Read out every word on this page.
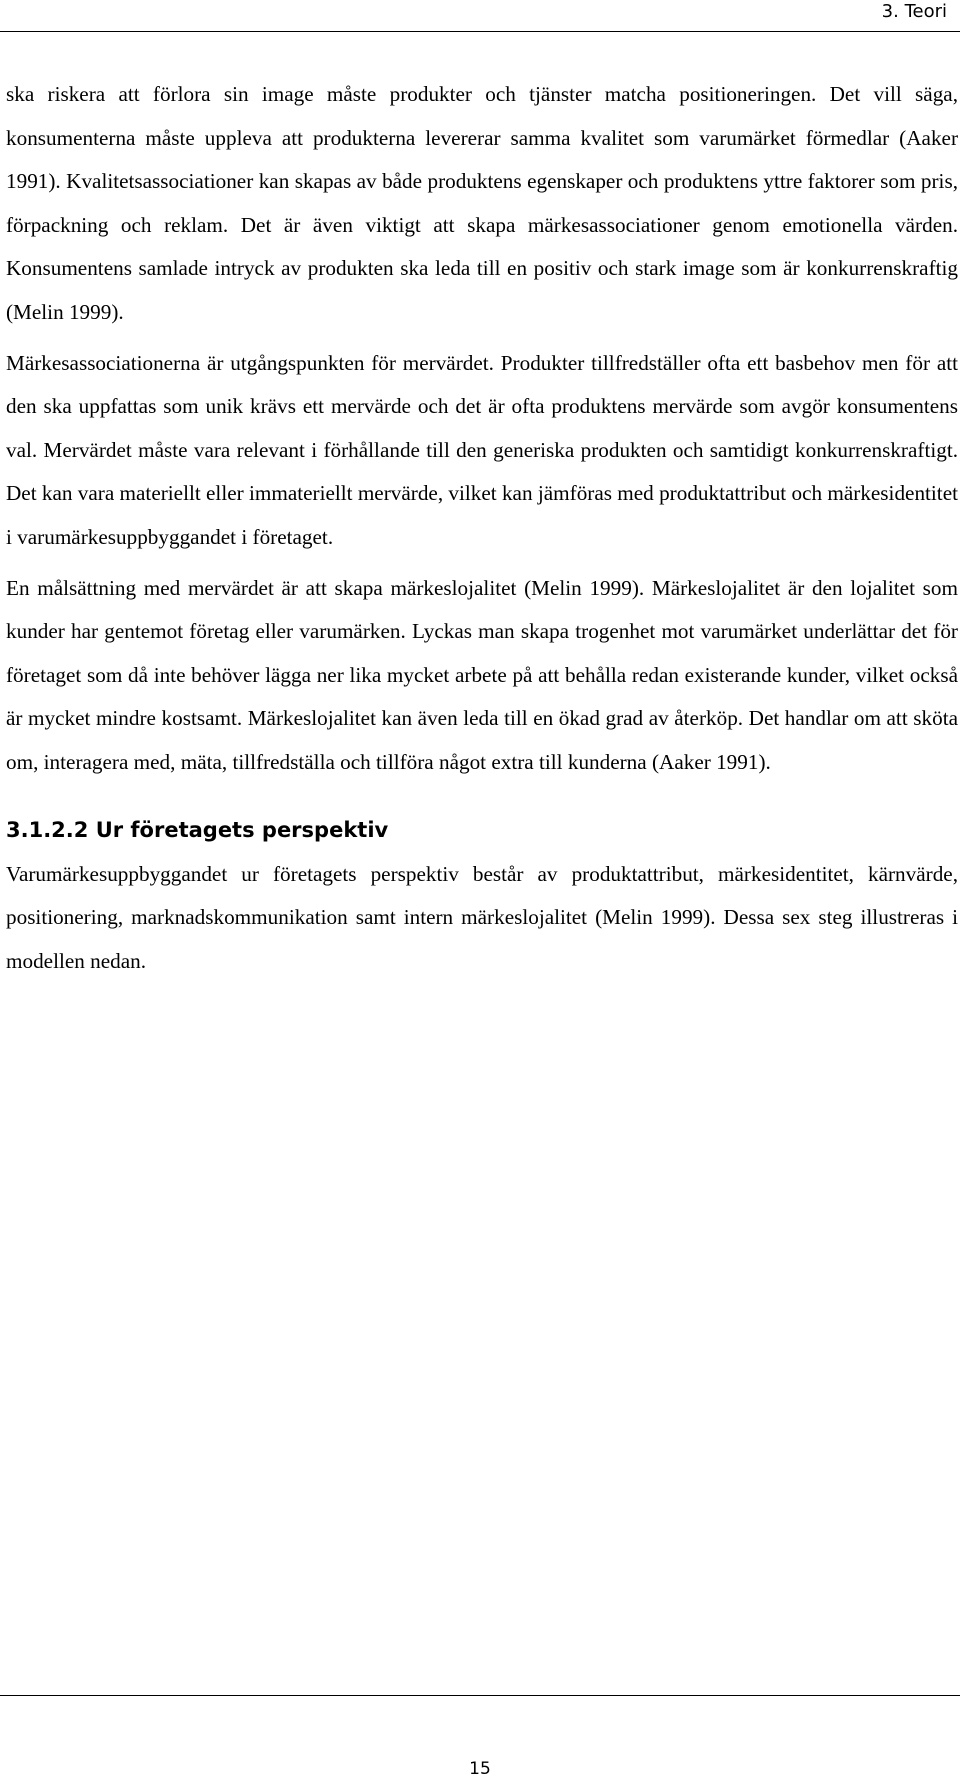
3. Teori

ska riskera att förlora sin image måste produkter och tjänster matcha positioneringen. Det vill säga, konsumenterna måste uppleva att produkterna levererar samma kvalitet som varumärket förmedlar (Aaker 1991). Kvalitetsassociationer kan skapas av både produktens egenskaper och produktens yttre faktorer som pris, förpackning och reklam. Det är även viktigt att skapa märkesassociationer genom emotionella värden. Konsumentens samlade intryck av produkten ska leda till en positiv och stark image som är konkurrenskraftig (Melin 1999).

Märkesassociationerna är utgångspunkten för mervärdet. Produkter tillfredställer ofta ett basbehov men för att den ska uppfattas som unik krävs ett mervärde och det är ofta produktens mervärde som avgör konsumentens val. Mervärdet måste vara relevant i förhållande till den generiska produkten och samtidigt konkurrenskraftigt. Det kan vara materiellt eller immateriellt mervärde, vilket kan jämföras med produktattribut och märkesidentitet i varumärkesuppbyggandet i företaget.

En målsättning med mervärdet är att skapa märkeslojalitet (Melin 1999). Märkeslojalitet är den lojalitet som kunder har gentemot företag eller varumärken. Lyckas man skapa trogenhet mot varumärket underlättar det för företaget som då inte behöver lägga ner lika mycket arbete på att behålla redan existerande kunder, vilket också är mycket mindre kostsamt. Märkeslojalitet kan även leda till en ökad grad av återköp. Det handlar om att sköta om, interagera med, mäta, tillfredställa och tillföra något extra till kunderna (Aaker 1991).

3.1.2.2 Ur företagets perspektiv

Varumärkesuppbyggandet ur företagets perspektiv består av produktattribut, märkesidentitet, kärnvärde, positionering, marknadskommunikation samt intern märkeslojalitet (Melin 1999). Dessa sex steg illustreras i modellen nedan.

15
